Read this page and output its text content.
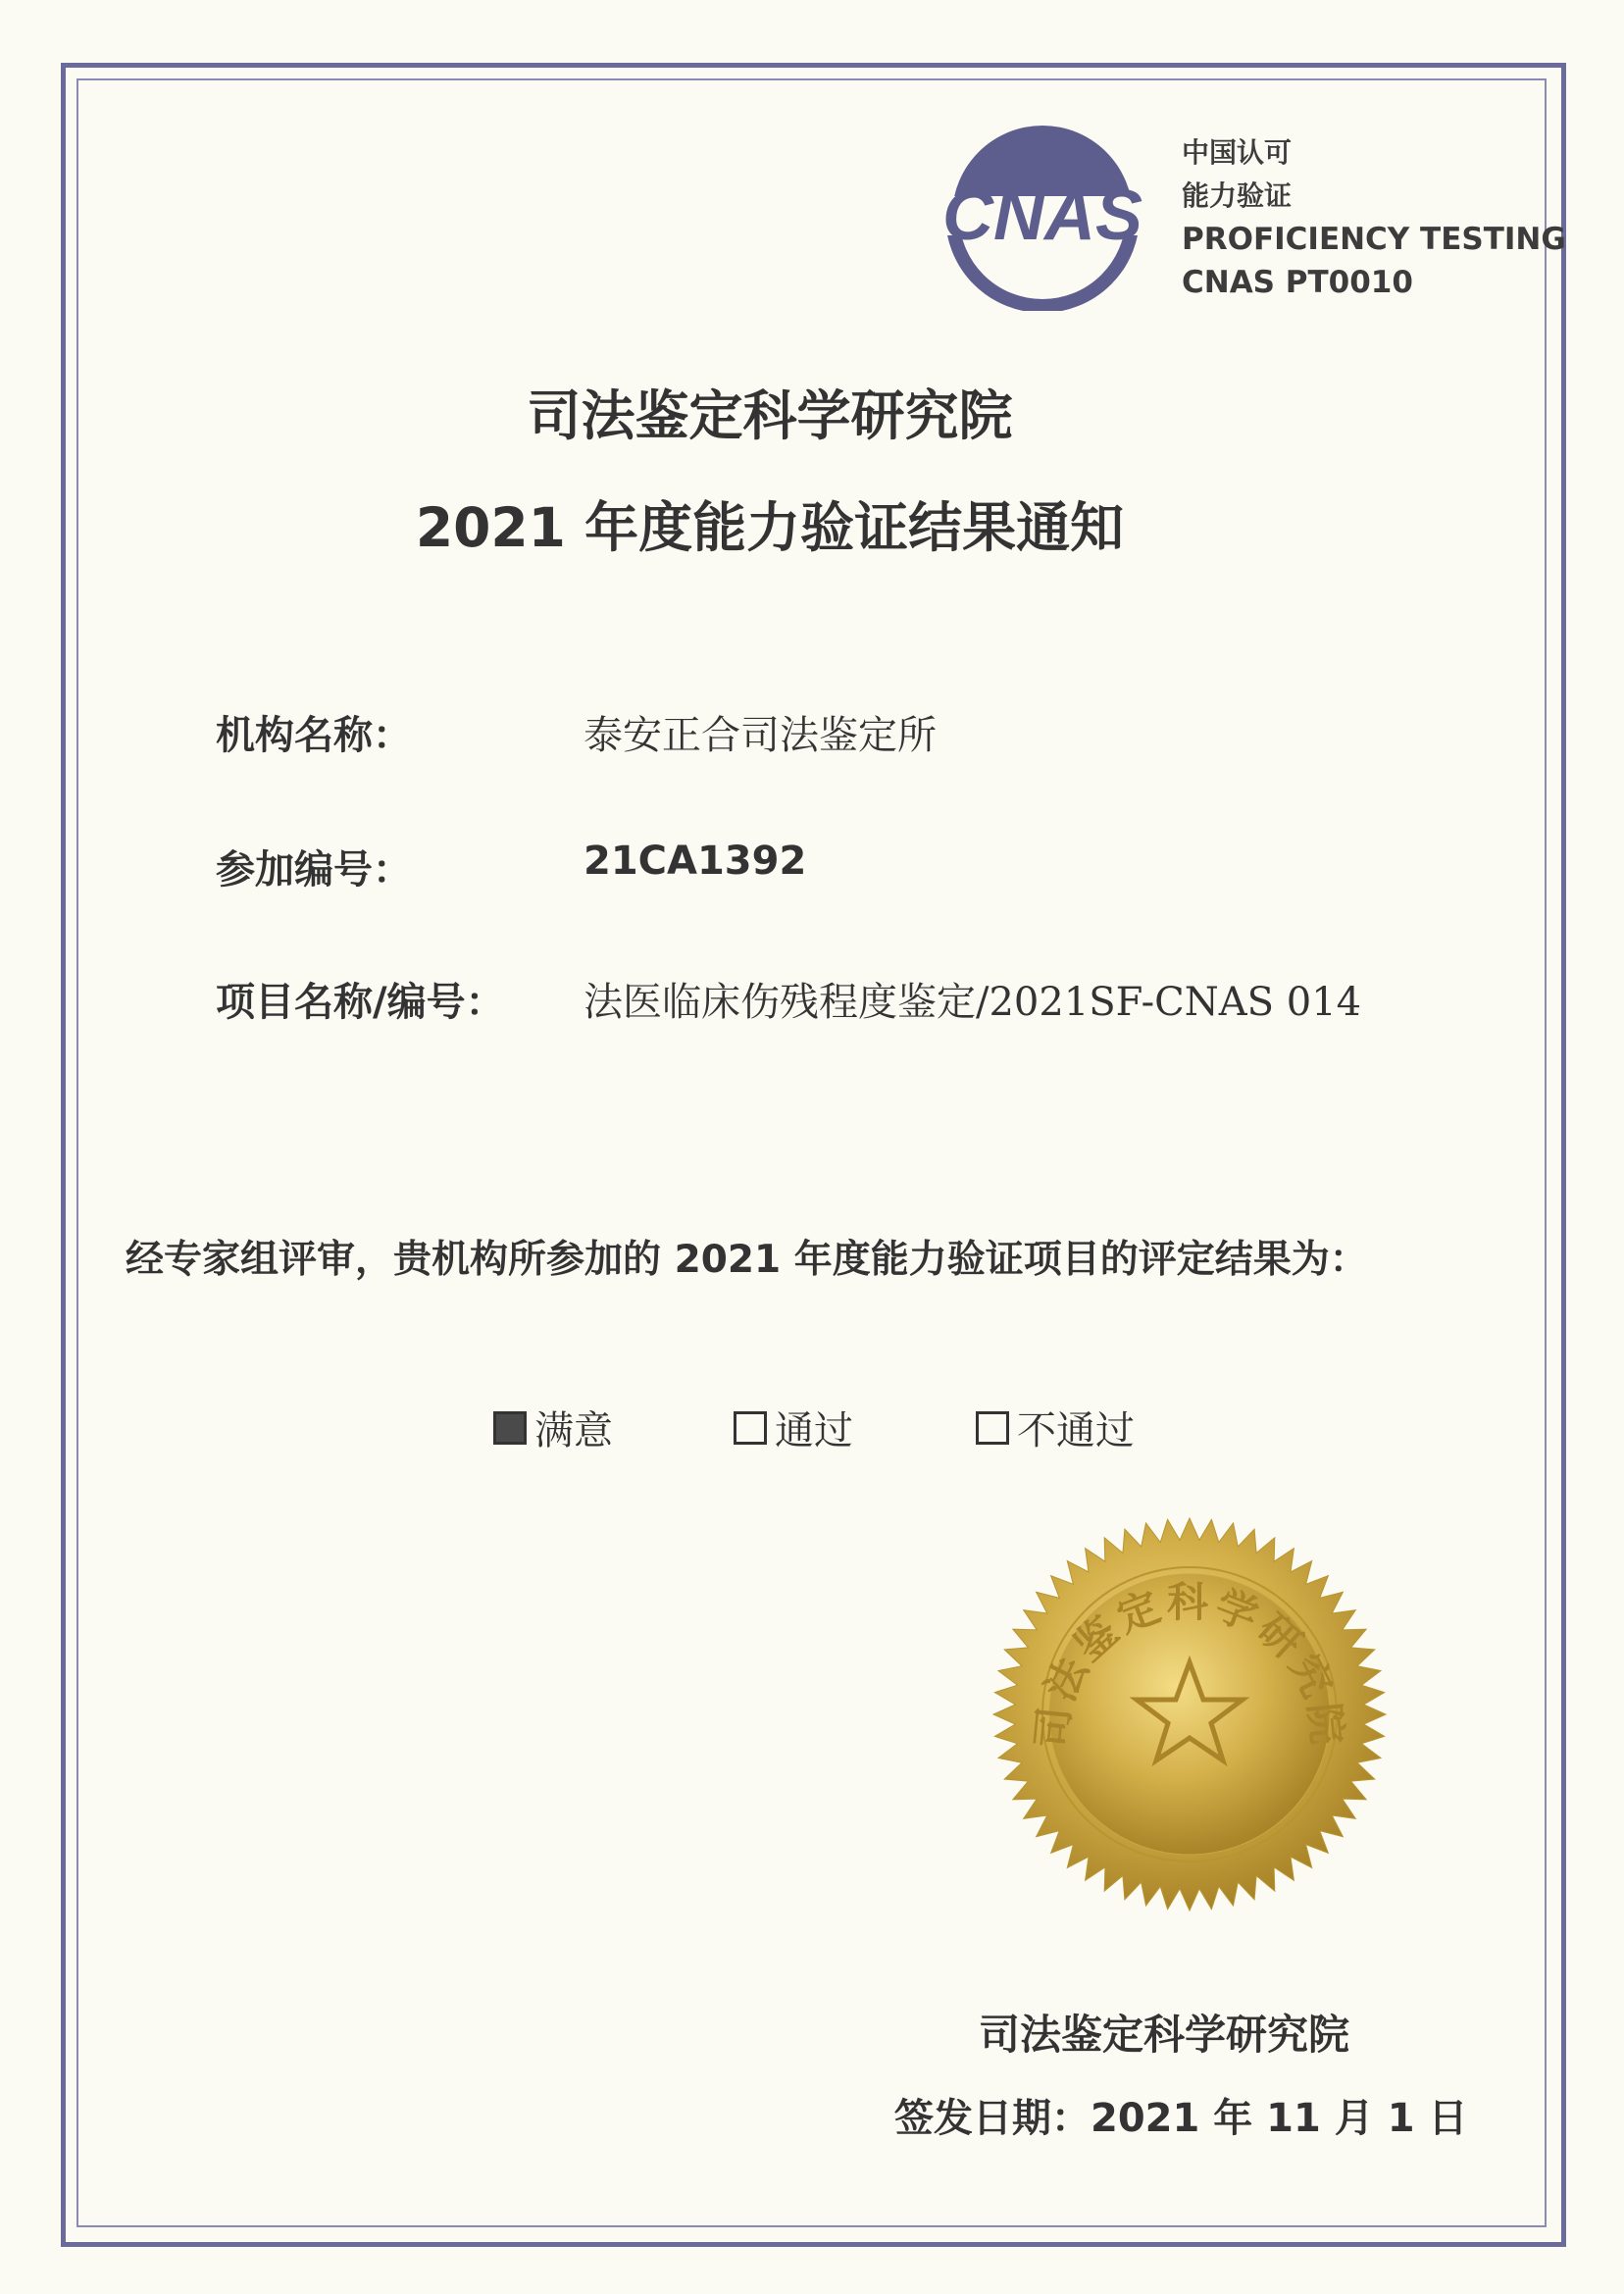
CNAS
中国认可
能力验证
PROFICIENCY TESTING
CNAS PT0010
司法鉴定科学研究院
2021 年度能力验证结果通知
机构名称：	泰安正合司法鉴定所
参加编号：	21CA1392
项目名称/编号： 法医临床伤残程度鉴定/2021SF-CNAS 014
经专家组评审，贵机构所参加的 2021 年度能力验证项目的评定结果为：
满意	通过	不通过
司法鉴定科学研究院
司法鉴定科学研究院
签发日期：2021 年 11 月 1 日
